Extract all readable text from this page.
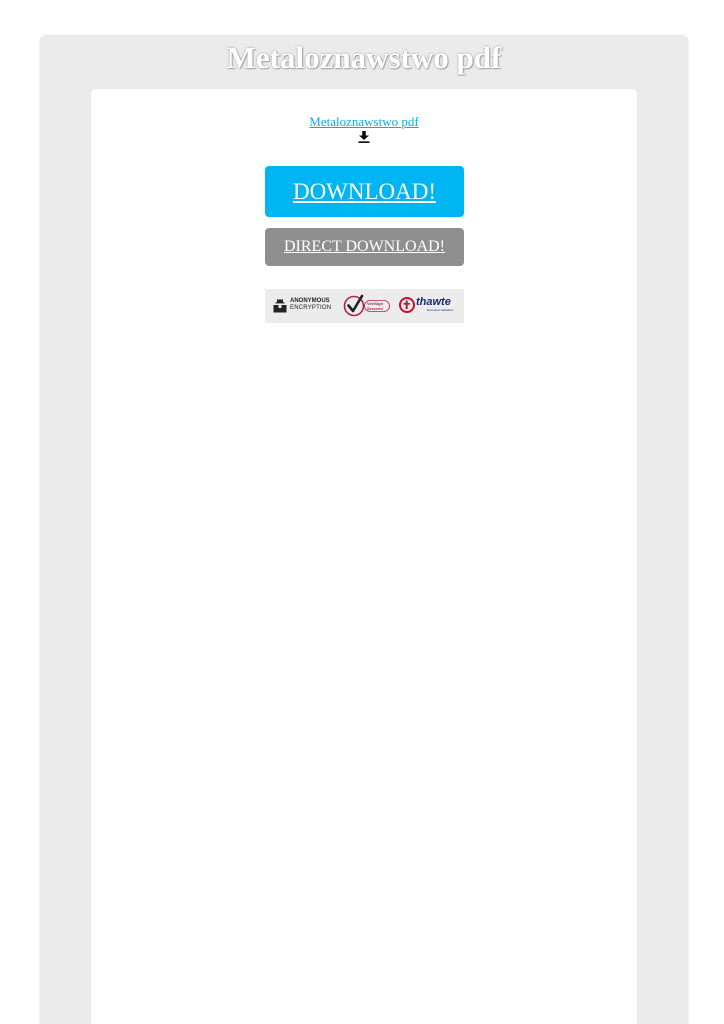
Metaloznawstwo pdf
Metaloznawstwo pdf
DOWNLOAD!
DIRECT DOWNLOAD!
ANONYMOUS
ENCRYPTION
VeriSign
Secured	thawte
Extended Validation
